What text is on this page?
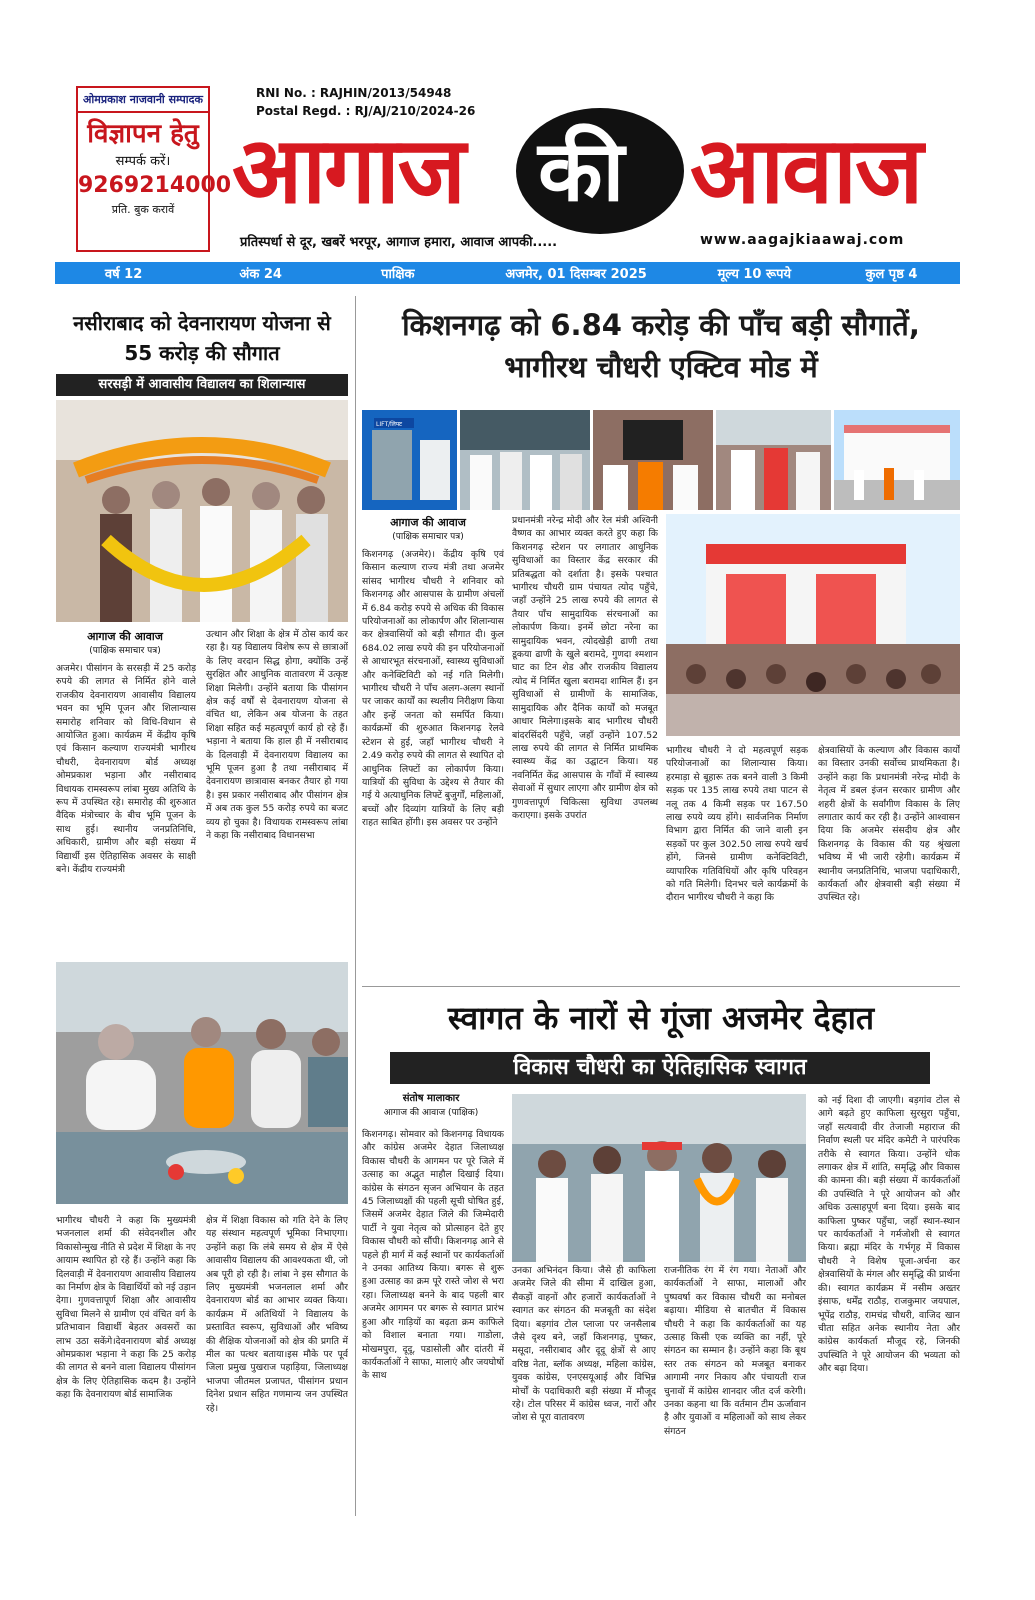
ओमप्रकाश नाजवानी सम्पादक
विज्ञापन हेतु
सम्पर्क करें।
9269214000
प्रति. बुक करावें
RNI No. : RAJHIN/2013/54948
Postal Regd. : RJ/AJ/210/2024-26
आगाज की आवाज
प्रतिस्पर्धा से दूर, खबरें भरपूर, आगाज हमारा, आवाज आपकी.....	www.aagajkiaawaj.com
वर्ष 12	अंक 24	पाक्षिक	अजमेर, 01 दिसम्बर 2025	मूल्य 10 रूपये	कुल पृष्ठ 4
नसीराबाद को देवनारायण योजना से 55 करोड़ की सौगात
सरसड़ी में आवासीय विद्यालय का शिलान्यास
आगाज की आवाज
(पाक्षिक समाचार पत्र)
अजमेर। पीसांगन के सरसड़ी में 25 करोड़ रुपये की लागत से निर्मित होने वाले राजकीय देवनारायण आवासीय विद्यालय भवन का भूमि पूजन और शिलान्यास समारोह शनिवार को विधि-विधान से आयोजित हुआ। कार्यक्रम में केंद्रीय कृषि एवं किसान कल्याण राज्यमंत्री भागीरथ चौधरी, देवनारायण बोर्ड अध्यक्ष ओमप्रकाश भड़ाना और नसीराबाद विधायक रामस्वरूप लांबा मुख्य अतिथि के रूप में उपस्थित रहे। समारोह की शुरुआत वैदिक मंत्रोच्चार के बीच भूमि पूजन के साथ हुई। स्थानीय जनप्रतिनिधि, अधिकारी, ग्रामीण और बड़ी संख्या में विद्यार्थी इस ऐतिहासिक अवसर के साक्षी बने। केंद्रीय राज्यमंत्री
उत्थान और शिक्षा के क्षेत्र में ठोस कार्य कर रहा है। यह विद्यालय विशेष रूप से छात्राओं के लिए वरदान सिद्ध होगा, क्योंकि उन्हें सुरक्षित और आधुनिक वातावरण में उत्कृष्ट शिक्षा मिलेगी। उन्होंने बताया कि पीसांगन क्षेत्र कई वर्षों से देवनारायण योजना से वंचित था, लेकिन अब योजना के तहत शिक्षा सहित कई महत्वपूर्ण कार्य हो रहे हैं। भड़ाना ने बताया कि हाल ही में नसीराबाद के दिलवाड़ी में देवनारायण विद्यालय का भूमि पूजन हुआ है तथा नसीराबाद में देवनारायण छात्रावास बनकर तैयार हो गया है। इस प्रकार नसीराबाद और पीसांगन क्षेत्र में अब तक कुल 55 करोड़ रुपये का बजट व्यय हो चुका है। विधायक रामस्वरूप लांबा ने कहा कि नसीराबाद विधानसभा
भागीरथ चौधरी ने कहा कि मुख्यमंत्री भजनलाल शर्मा की संवेदनशील और विकासोन्मुख नीति से प्रदेश में शिक्षा के नए आयाम स्थापित हो रहे हैं। उन्होंने कहा कि दिलवाड़ी में देवनारायण आवासीय विद्यालय का निर्माण क्षेत्र के विद्यार्थियों को नई उड़ान देगा। गुणवत्तापूर्ण शिक्षा और आवासीय सुविधा मिलने से ग्रामीण एवं वंचित वर्ग के प्रतिभावान विद्यार्थी बेहतर अवसरों का लाभ उठा सकेंगे।देवनारायण बोर्ड अध्यक्ष ओमप्रकाश भड़ाना ने कहा कि 25 करोड़ की लागत से बनने वाला विद्यालय पीसांगन क्षेत्र के लिए ऐतिहासिक कदम है। उन्होंने कहा कि देवनारायण बोर्ड सामाजिक
क्षेत्र में शिक्षा विकास को गति देने के लिए यह संस्थान महत्वपूर्ण भूमिका निभाएगा। उन्होंने कहा कि लंबे समय से क्षेत्र में ऐसे आवासीय विद्यालय की आवश्यकता थी, जो अब पूरी हो रही है। लांबा ने इस सौगात के लिए मुख्यमंत्री भजनलाल शर्मा और देवनारायण बोर्ड का आभार व्यक्त किया। कार्यक्रम में अतिथियों ने विद्यालय के प्रस्तावित स्वरूप, सुविधाओं और भविष्य की शैक्षिक योजनाओं को क्षेत्र की प्रगति में मील का पत्थर बताया।इस मौके पर पूर्व जिला प्रमुख पुखराज पहाड़िया, जिलाध्यक्ष भाजपा जीतमल प्रजापत, पीसांगन प्रधान दिनेश प्रधान सहित गणमान्य जन उपस्थित रहे।
किशनगढ़ को 6.84 करोड़ की पाँच बड़ी सौगातें,
भागीरथ चौधरी एक्टिव मोड में
LIFT/लिफ्ट
आगाज की आवाज
(पाक्षिक समाचार पत्र)
किशनगढ़ (अजमेर)। केंद्रीय कृषि एवं किसान कल्याण राज्य मंत्री तथा अजमेर सांसद भागीरथ चौधरी ने शनिवार को किशनगढ़ और आसपास के ग्रामीण अंचलों में 6.84 करोड़ रुपये से अधिक की विकास परियोजनाओं का लोकार्पण और शिलान्यास कर क्षेत्रवासियों को बड़ी सौगात दी। कुल 684.02 लाख रुपये की इन परियोजनाओं से आधारभूत संरचनाओं, स्वास्थ्य सुविधाओं और कनेक्टिविटी को नई गति मिलेगी। भागीरथ चौधरी ने पाँच अलग-अलग स्थानों पर जाकर कार्यों का स्थलीय निरीक्षण किया और इन्हें जनता को समर्पित किया। कार्यक्रमों की शुरुआत किशनगढ़ रेलवे स्टेशन से हुई, जहाँ भागीरथ चौधरी ने 2.49 करोड़ रुपये की लागत से स्थापित दो आधुनिक लिफ्टों का लोकार्पण किया। यात्रियों की सुविधा के उद्देश्य से तैयार की गई ये अत्याधुनिक लिफ्टें बुजुर्गों, महिलाओं, बच्चों और दिव्यांग यात्रियों के लिए बड़ी राहत साबित होंगी। इस अवसर पर उन्होंने
प्रधानमंत्री नरेन्द्र मोदी और रेल मंत्री अश्विनी वैष्णव का आभार व्यक्त करते हुए कहा कि किशनगढ़ स्टेशन पर लगातार आधुनिक सुविधाओं का विस्तार केंद्र सरकार की प्रतिबद्धता को दर्शाता है। इसके पश्चात भागीरथ चौधरी ग्राम पंचायत त्योद पहुँचे, जहाँ उन्होंने 25 लाख रुपये की लागत से तैयार पाँच सामुदायिक संरचनाओं का लोकार्पण किया। इनमें छोटा नरेना का सामुदायिक भवन, त्योदखेड़ी ढाणी तथा डूकया ढाणी के खुले बरामदे, गुणदा श्मशान घाट का टिन शेड और राजकीय विद्यालय त्योद में निर्मित खुला बरामदा शामिल हैं। इन सुविधाओं से ग्रामीणों के सामाजिक, सामुदायिक और दैनिक कार्यों को मजबूत आधार मिलेगा।इसके बाद भागीरथ चौधरी बांदरसिंदरी पहुँचे, जहाँ उन्होंने 107.52 लाख रुपये की लागत से निर्मित प्राथमिक स्वास्थ्य केंद्र का उद्घाटन किया। यह नवनिर्मित केंद्र आसपास के गाँवों में स्वास्थ्य सेवाओं में सुधार लाएगा और ग्रामीण क्षेत्र को गुणवत्तापूर्ण चिकित्सा सुविधा उपलब्ध कराएगा। इसके उपरांत
भागीरथ चौधरी ने दो महत्वपूर्ण सड़क परियोजनाओं का शिलान्यास किया। हरमाड़ा से बूहारू तक बनने वाली 3 किमी सड़क पर 135 लाख रुपये तथा पाटन से नलू तक 4 किमी सड़क पर 167.50 लाख रुपये व्यय होंगे। सार्वजनिक निर्माण विभाग द्वारा निर्मित की जाने वाली इन सड़कों पर कुल 302.50 लाख रुपये खर्च होंगे, जिनसे ग्रामीण कनेक्टिविटी, व्यापारिक गतिविधियों और कृषि परिवहन को गति मिलेगी। दिनभर चले कार्यक्रमों के दौरान भागीरथ चौधरी ने कहा कि
क्षेत्रवासियों के कल्याण और विकास कार्यों का विस्तार उनकी सर्वोच्च प्राथमिकता है। उन्होंने कहा कि प्रधानमंत्री नरेन्द्र मोदी के नेतृत्व में डबल इंजन सरकार ग्रामीण और शहरी क्षेत्रों के सर्वांगीण विकास के लिए लगातार कार्य कर रही है। उन्होंने आश्वासन दिया कि अजमेर संसदीय क्षेत्र और किशनगढ़ के विकास की यह श्रृंखला भविष्य में भी जारी रहेगी। कार्यक्रम में स्थानीय जनप्रतिनिधि, भाजपा पदाधिकारी, कार्यकर्ता और क्षेत्रवासी बड़ी संख्या में उपस्थित रहे।
स्वागत के नारों से गूंजा अजमेर देहात
विकास चौधरी का ऐतिहासिक स्वागत
संतोष मालाकार
आगाज की आवाज (पाक्षिक)
किशनगढ़। सोमवार को किशनगढ़ विधायक और कांग्रेस अजमेर देहात जिलाध्यक्ष विकास चौधरी के आगमन पर पूरे जिले में उत्साह का अद्भुत माहौल दिखाई दिया। कांग्रेस के संगठन सृजन अभियान के तहत 45 जिलाध्यक्षों की पहली सूची घोषित हुई, जिसमें अजमेर देहात जिले की जिम्मेदारी पार्टी ने युवा नेतृत्व को प्रोत्साहन देते हुए विकास चौधरी को सौंपी। किशनगढ़ आने से पहले ही मार्ग में कई स्थानों पर कार्यकर्ताओं ने उनका आतिथ्य किया। बगरू से शुरू हुआ उत्साह का क्रम पूरे रास्ते जोश से भरा रहा। जिलाध्यक्ष बनने के बाद पहली बार अजमेर आगमन पर बगरू से स्वागत प्रारंभ हुआ और गाड़ियों का बढ़ता क्रम काफिले को विशाल बनाता गया। गाडोला, मोखमपुरा, दूदू, पडासोली और दांतरी में कार्यकर्ताओं ने साफा, मालाएं और जयघोषों के साथ
उनका अभिनंदन किया। जैसे ही काफिला अजमेर जिले की सीमा में दाखिल हुआ, सैकड़ों वाहनों और हजारों कार्यकर्ताओं ने स्वागत कर संगठन की मजबूती का संदेश दिया। बड़गांव टोल प्लाजा पर जनसैलाब जैसे दृश्य बने, जहाँ किशनगढ़, पुष्कर, मसूदा, नसीराबाद और दूदू क्षेत्रों से आए वरिष्ठ नेता, ब्लॉक अध्यक्ष, महिला कांग्रेस, युवक कांग्रेस, एनएसयूआई और विभिन्न मोर्चों के पदाधिकारी बड़ी संख्या में मौजूद रहे। टोल परिसर में कांग्रेस ध्वज, नारों और जोश से पूरा वातावरण
राजनीतिक रंग में रंग गया। नेताओं और कार्यकर्ताओं ने साफा, मालाओं और पुष्पवर्षा कर विकास चौधरी का मनोबल बढ़ाया। मीडिया से बातचीत में विकास चौधरी ने कहा कि कार्यकर्ताओं का यह उत्साह किसी एक व्यक्ति का नहीं, पूरे संगठन का सम्मान है। उन्होंने कहा कि बूथ स्तर तक संगठन को मजबूत बनाकर आगामी नगर निकाय और पंचायती राज चुनावों में कांग्रेस शानदार जीत दर्ज करेगी। उनका कहना था कि वर्तमान टीम ऊर्जावान है और युवाओं व महिलाओं को साथ लेकर संगठन
को नई दिशा दी जाएगी। बड़गांव टोल से आगे बढ़ते हुए काफिला सुरसुरा पहुँचा, जहाँ सत्यवादी वीर तेजाजी महाराज की निर्वाण स्थली पर मंदिर कमेटी ने पारंपरिक तरीके से स्वागत किया। उन्होंने धोक लगाकर क्षेत्र में शांति, समृद्धि और विकास की कामना की। बड़ी संख्या में कार्यकर्ताओं की उपस्थिति ने पूरे आयोजन को और अधिक उत्साहपूर्ण बना दिया। इसके बाद काफिला पुष्कर पहुँचा, जहाँ स्थान-स्थान पर कार्यकर्ताओं ने गर्मजोशी से स्वागत किया। ब्रह्मा मंदिर के गर्भगृह में विकास चौधरी ने विशेष पूजा-अर्चना कर क्षेत्रवासियों के मंगल और समृद्धि की प्रार्थना की। स्वागत कार्यक्रम में नसीम अख्तर इंसाफ, धर्मेंद्र राठौड़, राजकुमार जयपाल, भूपेंद्र राठौड़, रामचंद्र चौधरी, वाजिद खान चीता सहित अनेक स्थानीय नेता और कांग्रेस कार्यकर्ता मौजूद रहे, जिनकी उपस्थिति ने पूरे आयोजन की भव्यता को और बढ़ा दिया।
